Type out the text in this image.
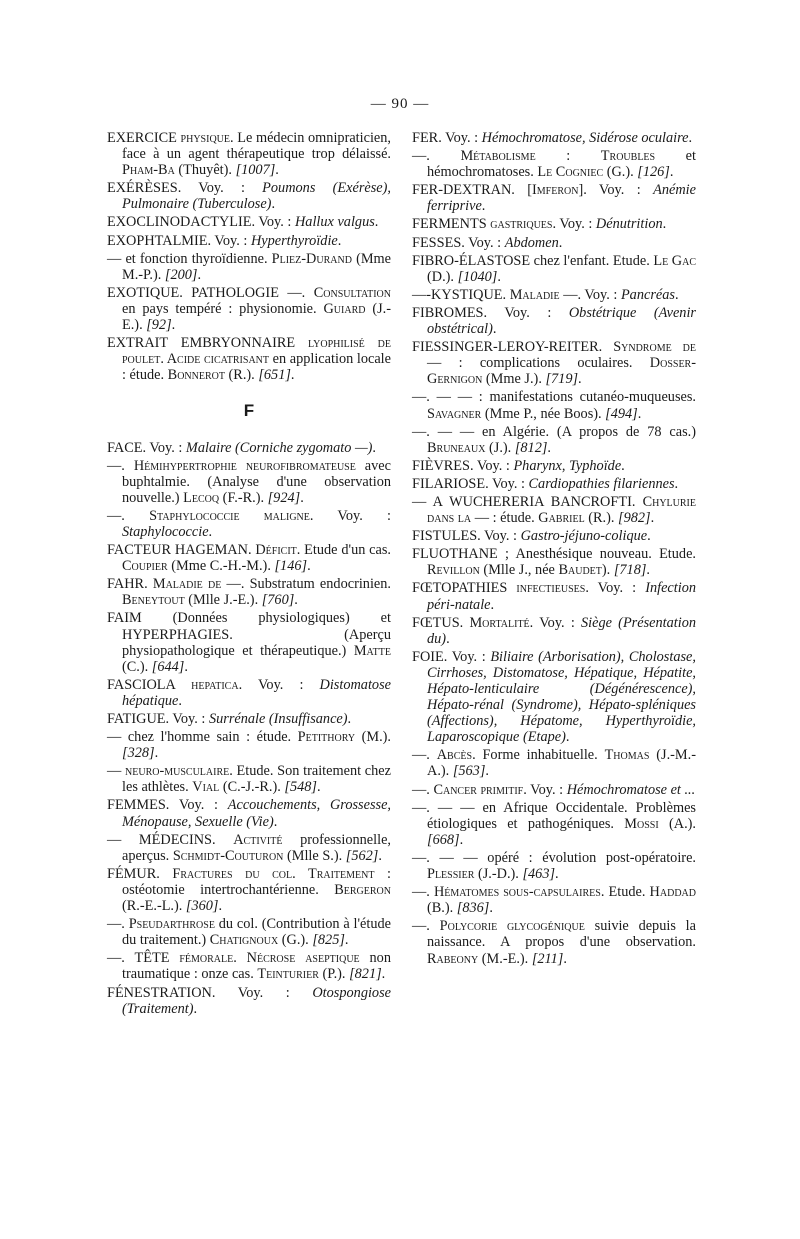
— 90 —
EXERCICE physique. Le médecin omnipraticien, face à un agent thérapeutique trop délaissé. Pham-Ba (Thuyêt). [1007].
EXÉRÈSES. Voy. : Poumons (Exérèse), Pulmonaire (Tuberculose).
EXOCLINODACTYLIE. Voy. : Hallux valgus.
EXOPHTALMIE. Voy. : Hyperthyroïdie.
— et fonction thyroïdienne. Pliez-Durand (Mme M.-P.). [200].
EXOTIQUE. PATHOLOGIE —. Consultation en pays tempéré : physionomie. Guiard (J.-E.). [92].
EXTRAIT EMBRYONNAIRE lyophilisé de poulet. Acide cicatrisant en application locale : étude. Bonnerot (R.). [651].
F
FACE. Voy. : Malaire (Corniche zygomato —).
—. Hémihypertrophie neurofibromateuse avec buphtalmie. (Analyse d'une observation nouvelle.) Lecoq (F.-R.). [924].
—. Staphylococcie maligne. Voy. : Staphylococcie.
FACTEUR HAGEMAN. Déficit. Etude d'un cas. Coupier (Mme C.-H.-M.). [146].
FAHR. Maladie de —. Substratum endocrinien. Beneytout (Mlle J.-E.). [760].
FAIM (Données physiologiques) et HYPERPHAGIES. (Aperçu physiopathologique et thérapeutique.) Matte (C.). [644].
FASCIOLA hepatica. Voy. : Distomatose hépatique.
FATIGUE. Voy. : Surrénale (Insuffisance).
— chez l'homme sain : étude. Petithory (M.). [328].
— neuro-musculaire. Etude. Son traitement chez les athlètes. Vial (C.-J.-R.). [548].
FEMMES. Voy. : Accouchements, Grossesse, Ménopause, Sexuelle (Vie).
— MÉDECINS. Activité professionnelle, aperçus. Schmidt-Couturon (Mlle S.). [562].
FÉMUR. Fractures du col. Traitement : ostéotomie intertrochantérienne. Bergeron (R.-E.-L.). [360].
—. Pseudarthrose du col. (Contribution à l'étude du traitement.) Chatignoux (G.). [825].
—. TÊTE fémorale. Nécrose aseptique non traumatique : onze cas. Teinturier (P.). [821].
FÉNESTRATION. Voy. : Otospongiose (Traitement).
FER. Voy. : Hémochromatose, Sidérose oculaire.
—. Métabolisme : Troubles et hémochromatoses. Le Cogniec (G.). [126].
FER-DEXTRAN. [Imferon]. Voy. : Anémie ferriprive.
FERMENTS gastriques. Voy. : Dénutrition.
FESSES. Voy. : Abdomen.
FIBRO-ÉLASTOSE chez l'enfant. Etude. Le Gac (D.). [1040].
—-KYSTIQUE. Maladie —. Voy. : Pancréas.
FIBROMES. Voy. : Obstétrique (Avenir obstétrical).
FIESSINGER-LEROY-REITER. Syndrome de — : complications oculaires. Dosser-Gernigon (Mme J.). [719].
—. — — : manifestations cutanéo-muqueuses. Savagner (Mme P., née Boos). [494].
—. — — en Algérie. (A propos de 78 cas.) Bruneaux (J.). [812].
FIÈVRES. Voy. : Pharynx, Typhoïde.
FILARIOSE. Voy. : Cardiopathies filariennes.
— A WUCHERERIA BANCROFTI. Chylurie dans la — : étude. Gabriel (R.). [982].
FISTULES. Voy. : Gastro-jéjuno-colique.
FLUOTHANE ; Anesthésique nouveau. Etude. Revillon (Mlle J., née Baudet). [718].
FŒTOPATHIES infectieuses. Voy. : Infection péri-natale.
FŒTUS. Mortalité. Voy. : Siège (Présentation du).
FOIE. Voy. : Biliaire (Arborisation), Cholostase, Cirrhoses, Distomatose, Hépatique, Hépatite, Hépato-lenticulaire (Dégénérescence), Hépato-rénal (Syndrome), Hépato-spléniques (Affections), Hépatome, Hyperthyroïdie, Laparoscopique (Etape).
—. Abcès. Forme inhabituelle. Thomas (J.-M.-A.). [563].
—. Cancer primitif. Voy. : Hémochromatose et ...
—. — — en Afrique Occidentale. Problèmes étiologiques et pathogéniques. Mossi (A.). [668].
—. — — opéré : évolution post-opératoire. Plessier (J.-D.). [463].
—. Hématomes sous-capsulaires. Etude. Haddad (B.). [836].
—. Polycorie glycogénique suivie depuis la naissance. A propos d'une observation. Rabeony (M.-E.). [211].
